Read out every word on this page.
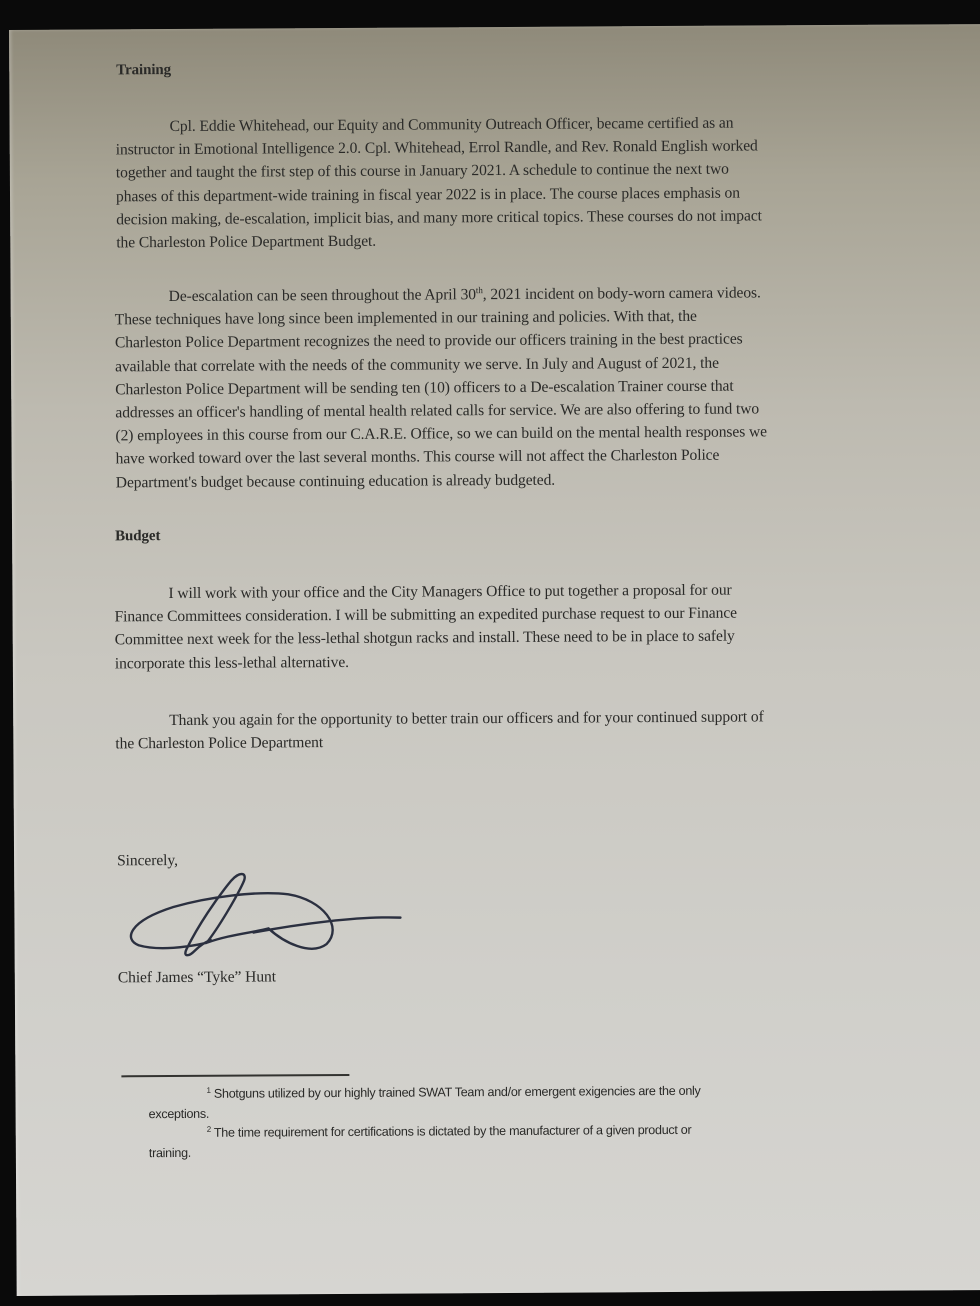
Training
Cpl. Eddie Whitehead, our Equity and Community Outreach Officer, became certified as an
instructor in Emotional Intelligence 2.0. Cpl. Whitehead, Errol Randle, and Rev. Ronald English worked
together and taught the first step of this course in January 2021. A schedule to continue the next two
phases of this department-wide training in fiscal year 2022 is in place. The course places emphasis on
decision making, de-escalation, implicit bias, and many more critical topics. These courses do not impact
the Charleston Police Department Budget.
De-escalation can be seen throughout the April 30th, 2021 incident on body-worn camera videos.
These techniques have long since been implemented in our training and policies. With that, the
Charleston Police Department recognizes the need to provide our officers training in the best practices
available that correlate with the needs of the community we serve. In July and August of 2021, the
Charleston Police Department will be sending ten (10) officers to a De-escalation Trainer course that
addresses an officer's handling of mental health related calls for service. We are also offering to fund two
(2) employees in this course from our C.A.R.E. Office, so we can build on the mental health responses we
have worked toward over the last several months. This course will not affect the Charleston Police
Department's budget because continuing education is already budgeted.
Budget
I will work with your office and the City Managers Office to put together a proposal for our
Finance Committees consideration. I will be submitting an expedited purchase request to our Finance
Committee next week for the less-lethal shotgun racks and install. These need to be in place to safely
incorporate this less-lethal alternative.
Thank you again for the opportunity to better train our officers and for your continued support of
the Charleston Police Department
Sincerely,
Chief James “Tyke” Hunt
$^1$ Shotguns utilized by our highly trained SWAT Team and/or emergent exigencies are the only
exceptions.
$^2$ The time requirement for certifications is dictated by the manufacturer of a given product or
training.
